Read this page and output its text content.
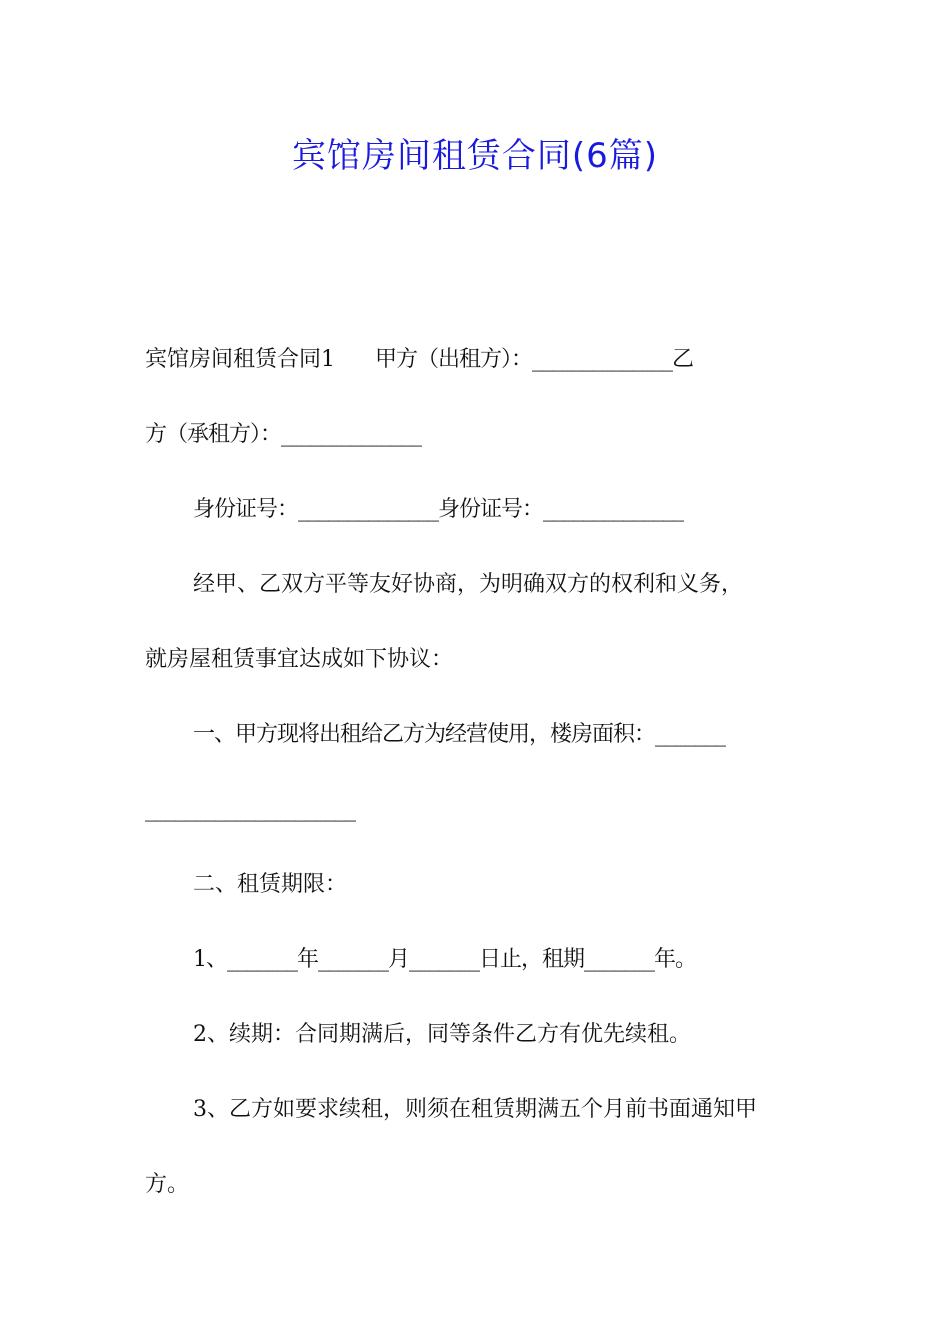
宾馆房间租赁合同(6篇)
宾馆房间租赁合同1 甲方（出租方）：______________乙
方（承租方）：______________
身份证号：______________身份证号：______________
经甲、乙双方平等友好协商，为明确双方的权利和义务，
就房屋租赁事宜达成如下协议：
一、甲方现将出租给乙方为经营使用，楼房面积：_______
_____________________
二、租赁期限：
1、_______年_______月_______日止，租期_______年。
2、续期：合同期满后，同等条件乙方有优先续租。
3、乙方如要求续租，则须在租赁期满五个月前书面通知甲
方。
